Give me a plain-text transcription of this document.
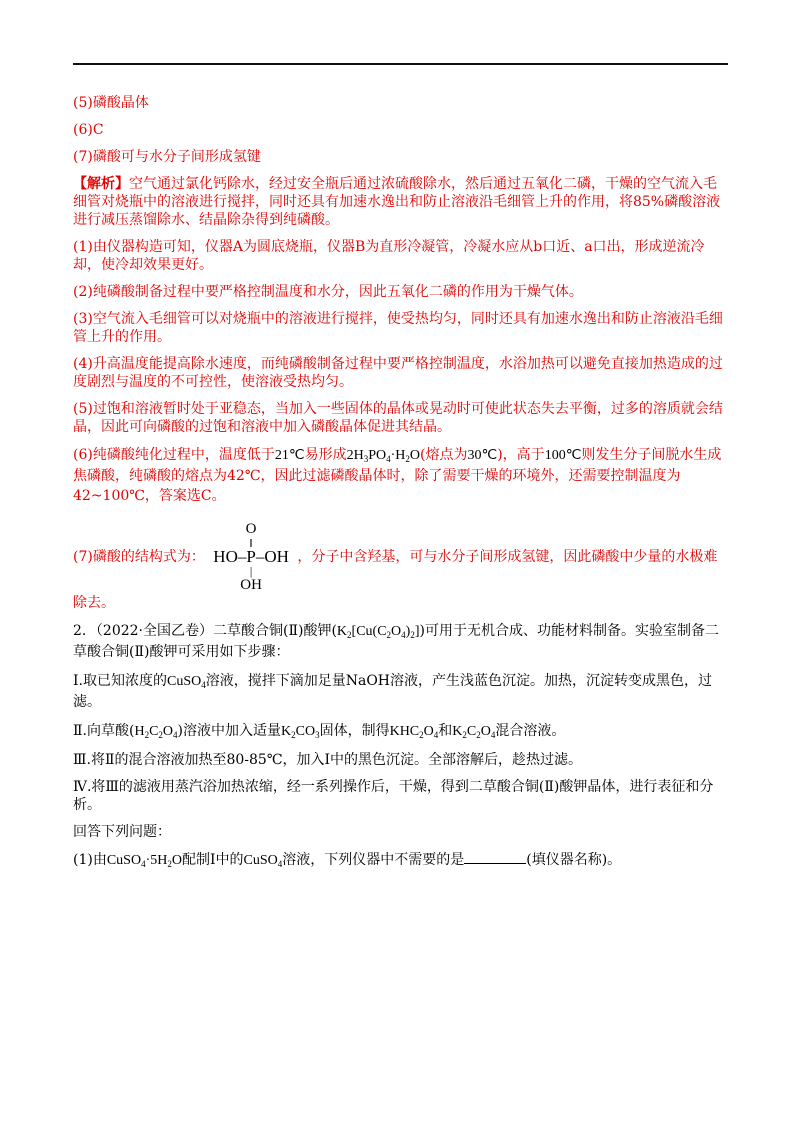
(5)磷酸晶体
(6)C
(7)磷酸可与水分子间形成氢键
【解析】空气通过氯化钙除水，经过安全瓶后通过浓硫酸除水，然后通过五氧化二磷，干燥的空气流入毛细管对烧瓶中的溶液进行搅拌，同时还具有加速水逸出和防止溶液沿毛细管上升的作用，将85%磷酸溶液进行减压蒸馏除水、结晶除杂得到纯磷酸。
(1)由仪器构造可知，仪器A为圆底烧瓶，仪器B为直形冷凝管，冷凝水应从b口近、a口出，形成逆流冷却，使冷却效果更好。
(2)纯磷酸制备过程中要严格控制温度和水分，因此五氧化二磷的作用为干燥气体。
(3)空气流入毛细管可以对烧瓶中的溶液进行搅拌，使受热均匀，同时还具有加速水逸出和防止溶液沿毛细管上升的作用。
(4)升高温度能提高除水速度，而纯磷酸制备过程中要严格控制温度，水浴加热可以避免直接加热造成的过度剧烈与温度的不可控性，使溶液受热均匀。
(5)过饱和溶液暂时处于亚稳态，当加入一些固体的晶体或晃动时可使此状态失去平衡，过多的溶质就会结晶，因此可向磷酸的过饱和溶液中加入磷酸晶体促进其结晶。
(6)纯磷酸纯化过程中，温度低于21℃易形成$2H_3PO_4\cdot H_2O$(熔点为30℃)，高于100℃则发生分子间脱水生成焦磷酸，纯磷酸的熔点为42℃，因此过滤磷酸晶体时，除了需要干燥的环境外，还需要控制温度为42~100℃，答案选C。
(7)磷酸的结构式为：
O
‖
HO – P – OH
|
OH
，分子中含羟基，可与水分子间形成氢键，因此磷酸中少量的水极难除去。
2．（2022·全国乙卷）二草酸合铜(Ⅱ)酸钾$(K_2[Cu(C_2O_4)_2])$可用于无机合成、功能材料制备。实验室制备二草酸合铜(Ⅱ)酸钾可采用如下步骤：
Ⅰ.取已知浓度的CuSO$_4$溶液，搅拌下滴加足量NaOH溶液，产生浅蓝色沉淀。加热，沉淀转变成黑色，过滤。
Ⅱ.向草酸$(H_2C_2O_4)$溶液中加入适量$K_2CO_3$固体，制得$KHC_2O_4$和$K_2C_2O_4$混合溶液。
Ⅲ.将Ⅱ的混合溶液加热至80-85℃，加入Ⅰ中的黑色沉淀。全部溶解后，趁热过滤。
Ⅳ.将Ⅲ的滤液用蒸汽浴加热浓缩，经一系列操作后，干燥，得到二草酸合铜(Ⅱ)酸钾晶体，进行表征和分析。
回答下列问题：
(1)由$CuSO_4\cdot 5H_2O$配制Ⅰ中的CuSO$_4$溶液，下列仪器中不需要的是	(填仪器名称)。
